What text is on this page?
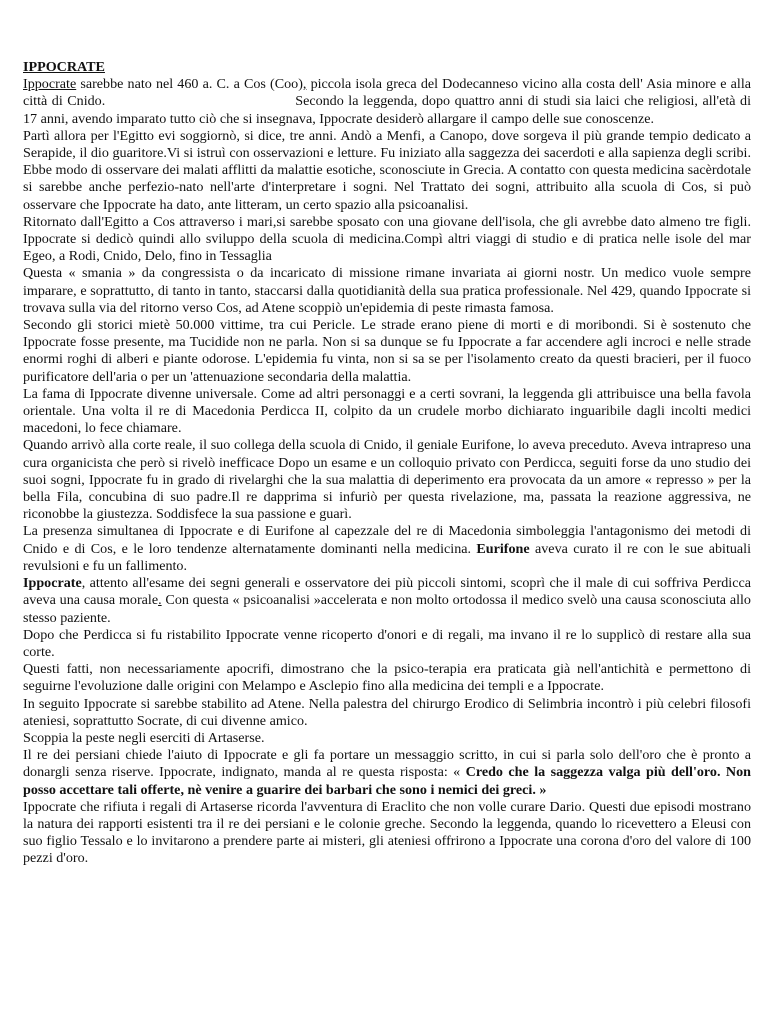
IPPOCRATE

Ippocrate sarebbe nato nel 460 a. C. a Cos (Coo), piccola isola greca del Dodecanneso vicino alla costa dell' Asia minore e alla città di Cnido.	Secondo la leggenda, dopo quattro anni di studi sia laici che religiosi, all'età di 17 anni, avendo imparato tutto ciò che si insegnava, Ippocrate desiderò allargare il campo delle sue conoscenze.

Partì allora per l'Egitto evi soggiornò, si dice, tre anni. Andò a Menfi, a Canopo, dove sorgeva il più grande tempio dedicato a Serapide, il dio guaritore.Vi si istruì con osservazioni e letture. Fu iniziato alla saggezza dei sacerdoti e alla sapienza degli scribi. Ebbe modo di osservare dei malati afflitti da malattie esotiche, sconosciute in Grecia. A contatto con questa medicina sacèrdotale si sarebbe anche perfezio-nato nell'arte d'interpretare i sogni. Nel Trattato dei sogni, attribuito alla scuola di Cos, si può osservare che Ippocrate ha dato, ante litteram, un certo spazio alla psicoanalisi.

Ritornato dall'Egitto a Cos attraverso i mari,si sarebbe sposato con una giovane dell'isola, che gli avrebbe dato almeno tre figli. Ippocrate si dedicò quindi allo sviluppo della scuola di medicina.Compì altri viaggi di studio e di pratica nelle isole del mar Egeo, a Rodi, Cnido, Delo, fino in Tessaglia

Questa « smania » da congressista o da incaricato di missione rimane invariata ai giorni nostr. Un medico vuole sempre imparare, e soprattutto, di tanto in tanto, staccarsi dalla quotidianità della sua pratica professionale. Nel 429, quando Ippocrate si trovava sulla via del ritorno verso Cos, ad Atene scoppiò un'epidemia di peste rimasta famosa.

Secondo gli storici mietè 50.000 vittime, tra cui Pericle. Le strade erano piene di morti e di moribondi. Si è sostenuto che Ippocrate fosse presente, ma Tucidide non ne parla. Non si sa dunque se fu Ippocrate a far accendere agli incroci e nelle strade enormi roghi di alberi e piante odorose. L'epidemia fu vinta, non si sa se per l'isolamento creato da questi bracieri, per il fuoco purificatore dell'aria o per un 'attenuazione secondaria della malattia.

La fama di Ippocrate divenne universale. Come ad altri personaggi e a certi sovrani, la leggenda gli attribuisce una bella favola orientale. Una volta il re di Macedonia Perdicca II, colpito da un crudele morbo dichiarato inguaribile dagli incolti medici macedoni, lo fece chiamare.

Quando arrivò alla corte reale, il suo collega della scuola di Cnido, il geniale Eurifone, lo aveva preceduto. Aveva intrapreso una cura organicista che però si rivelò inefficace Dopo un esame e un colloquio privato con Perdicca, seguiti forse da uno studio dei suoi sogni, Ippocrate fu in grado di rivelarghi che la sua malattia di deperimento era provocata da un amore « represso » per la bella Fila, concubina di suo padre.Il re dapprima si infuriò per questa rivelazione, ma, passata la reazione aggressiva, ne riconobbe la giustezza. Soddisfece la sua passione e guarì.

La presenza simultanea di Ippocrate e di Eurifone al capezzale del re di Macedonia simboleggia l'antagonismo dei metodi di Cnido e di Cos, e le loro tendenze alternatamente dominanti nella medicina. Eurifone aveva curato il re con le sue abituali revulsioni e fu un fallimento.

Ippocrate, attento all'esame dei segni generali e osservatore dei più piccoli sintomi, scoprì che il male di cui soffriva Perdicca aveva una causa morale. Con questa « psicoanalisi »accelerata e non molto ortodossa il medico svelò una causa sconosciuta allo stesso paziente.

Dopo che Perdicca si fu ristabilito Ippocrate venne ricoperto d'onori e di regali, ma invano il re lo supplicò di restare alla sua corte.

Questi fatti, non necessariamente apocrifi, dimostrano che la psico-terapia era praticata già nell'antichità e permettono di seguirne l'evoluzione dalle origini con Melampo e Asclepio fino alla medicina dei templi e a Ippocrate.

In seguito Ippocrate si sarebbe stabilito ad Atene. Nella palestra del chirurgo Erodico di Selimbria incontrò i più celebri filosofi ateniesi, soprattutto Socrate, di cui divenne amico.

Scoppia la peste negli eserciti di Artaserse.

Il re dei persiani chiede l'aiuto di Ippocrate e gli fa portare un messaggio scritto, in cui si parla solo dell'oro che è pronto a donargli senza riserve. Ippocrate, indignato, manda al re questa risposta: « Credo che la saggezza valga più dell'oro. Non posso accettare tali offerte, nè venire a guarire dei barbari che sono i nemici dei greci. »

Ippocrate che rifiuta i regali di Artaserse ricorda l'avventura di Eraclito che non volle curare Dario. Questi due episodi mostrano la natura dei rapporti esistenti tra il re dei persiani e le colonie greche. Secondo la leggenda, quando lo ricevettero a Eleusi con suo figlio Tessalo e lo invitarono a prendere parte ai misteri, gli ateniesi offrirono a Ippocrate una corona d'oro del valore di 100 pezzi d'oro.
